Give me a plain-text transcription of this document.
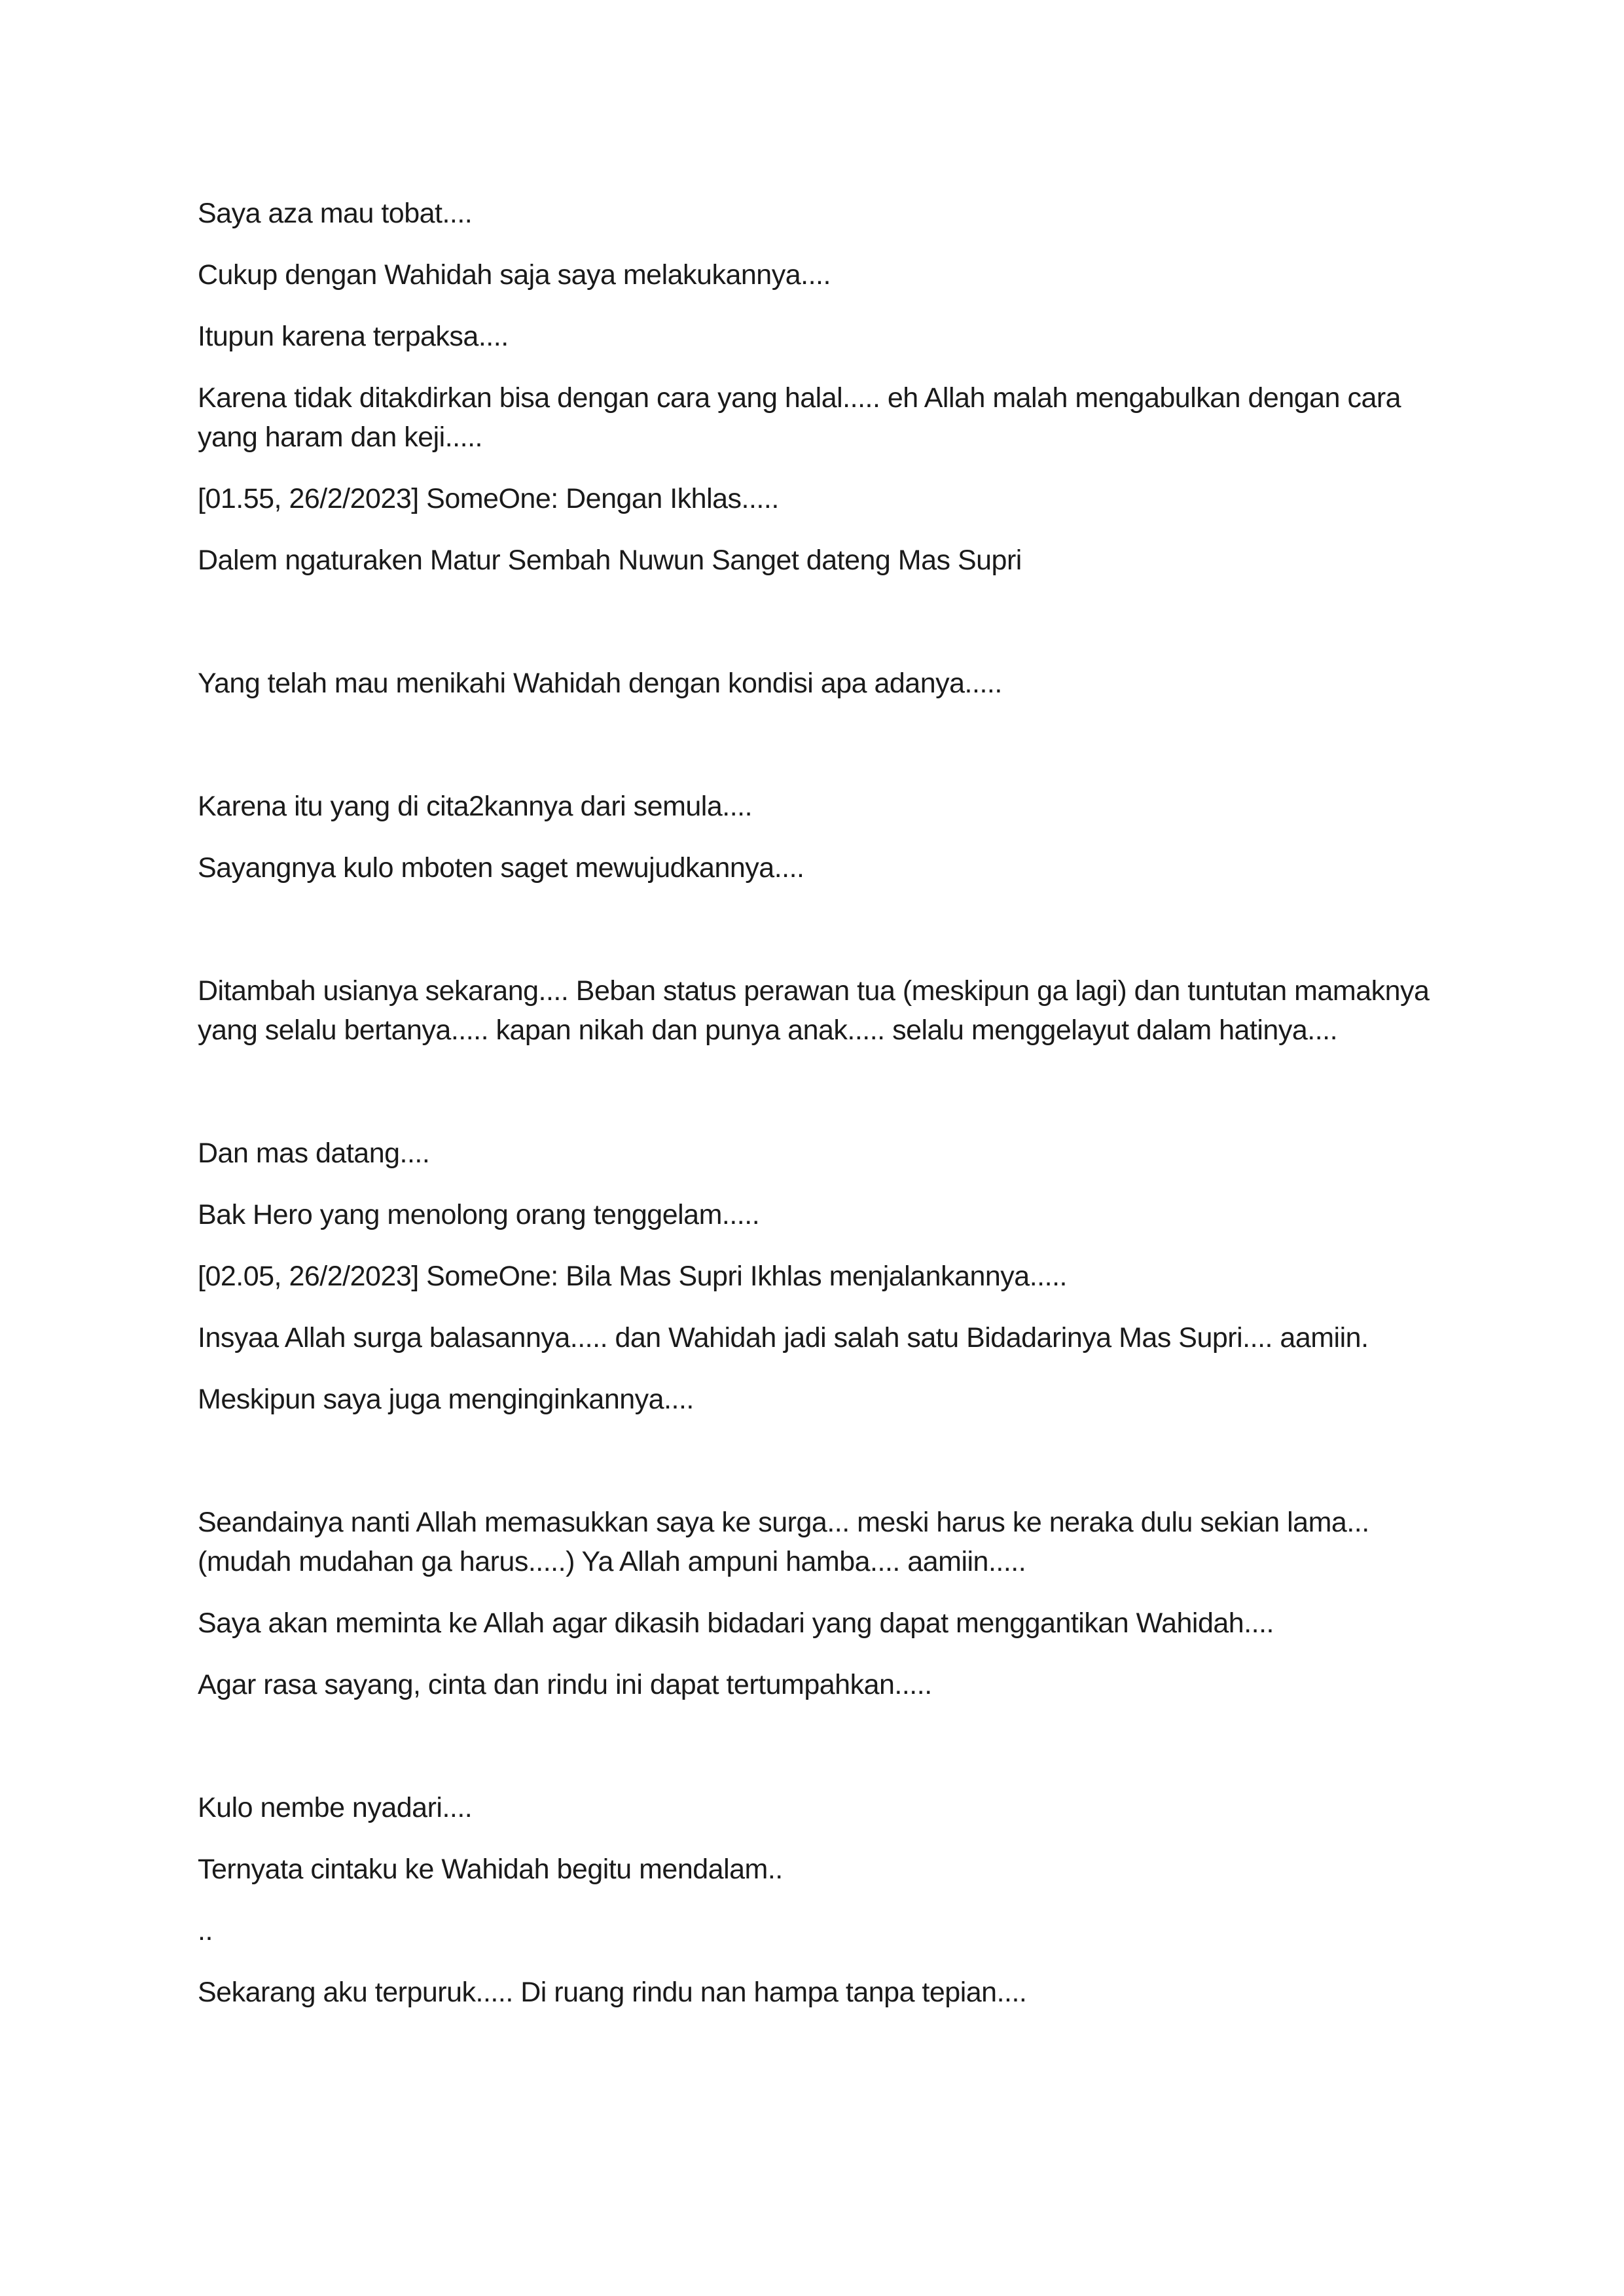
Saya aza mau tobat....

Cukup dengan Wahidah saja saya melakukannya....

Itupun karena terpaksa....

Karena tidak ditakdirkan bisa dengan cara yang halal..... eh Allah malah mengabulkan dengan cara
yang haram dan keji.....

[01.55, 26/2/2023] SomeOne: Dengan Ikhlas.....

Dalem ngaturaken Matur Sembah Nuwun Sanget dateng Mas Supri

Yang telah mau menikahi Wahidah dengan kondisi apa adanya.....

Karena itu yang di cita2kannya dari semula....

Sayangnya kulo mboten saget mewujudkannya....

Ditambah usianya sekarang.... Beban status perawan tua (meskipun ga lagi) dan tuntutan mamaknya
yang selalu bertanya..... kapan nikah dan punya anak..... selalu menggelayut dalam hatinya....

Dan mas datang....

Bak Hero yang menolong orang tenggelam.....

[02.05, 26/2/2023] SomeOne: Bila Mas Supri Ikhlas menjalankannya.....

Insyaa Allah surga balasannya..... dan Wahidah jadi salah satu Bidadarinya Mas Supri.... aamiin.

Meskipun saya juga menginginkannya....

Seandainya nanti Allah memasukkan saya ke surga... meski harus ke neraka dulu sekian lama...
(mudah mudahan ga harus.....) Ya Allah ampuni hamba.... aamiin.....

Saya akan meminta ke Allah agar dikasih bidadari yang dapat menggantikan Wahidah....

Agar rasa sayang, cinta dan rindu ini dapat tertumpahkan.....

Kulo nembe nyadari....

Ternyata cintaku ke Wahidah begitu mendalam..

..

Sekarang aku terpuruk..... Di ruang rindu nan hampa tanpa tepian....
